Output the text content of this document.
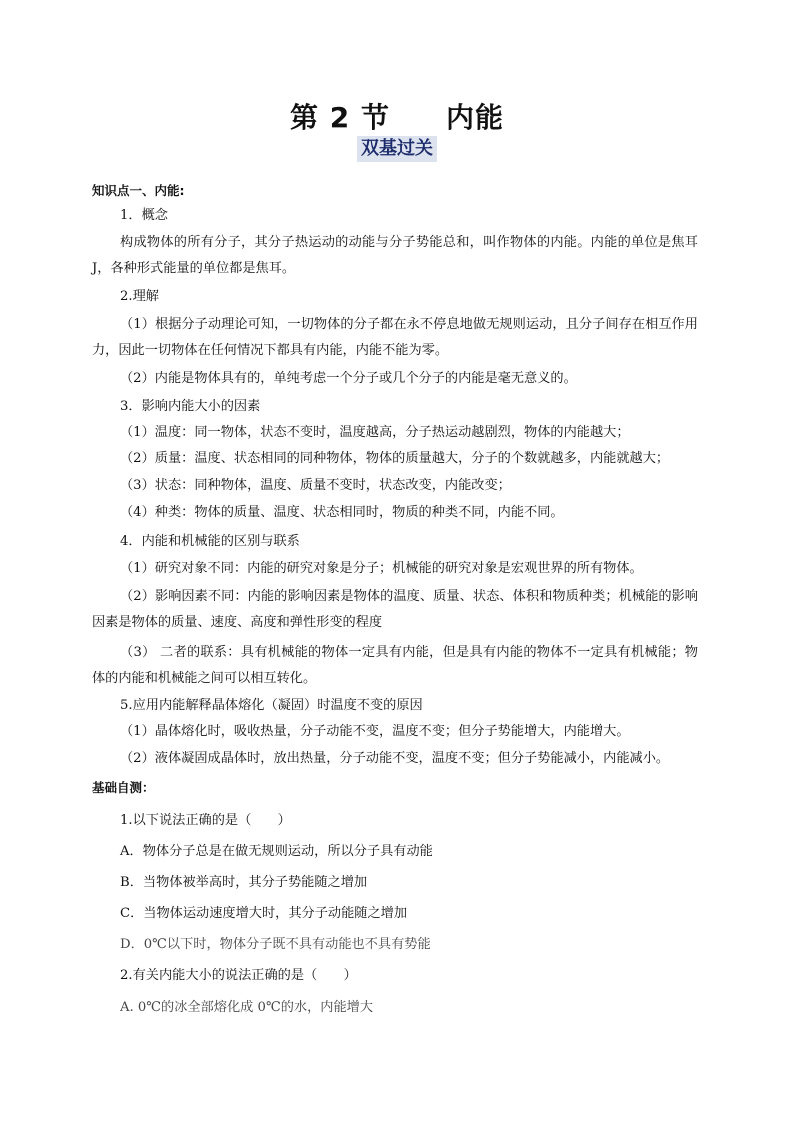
第 2 节 内能
双基过关
知识点一、内能:
1．概念
构成物体的所有分子，其分子热运动的动能与分子势能总和，叫作物体的内能。内能的单位是焦耳 J，各种形式能量的单位都是焦耳。
2.理解
（1）根据分子动理论可知，一切物体的分子都在永不停息地做无规则运动，且分子间存在相互作用力，因此一切物体在任何情况下都具有内能，内能不能为零。
（2）内能是物体具有的，单纯考虑一个分子或几个分子的内能是毫无意义的。
3．影响内能大小的因素
（1）温度：同一物体，状态不变时，温度越高，分子热运动越剧烈，物体的内能越大；
（2）质量：温度、状态相同的同种物体，物体的质量越大，分子的个数就越多，内能就越大；
（3）状态：同种物体，温度、质量不变时，状态改变，内能改变；
（4）种类：物体的质量、温度、状态相同时，物质的种类不同，内能不同。
4．内能和机械能的区别与联系
（1）研究对象不同：内能的研究对象是分子；机械能的研究对象是宏观世界的所有物体。
（2）影响因素不同：内能的影响因素是物体的温度、质量、状态、体积和物质种类；机械能的影响因素是物体的质量、速度、高度和弹性形变的程度
（3） 二者的联系：具有机械能的物体一定具有内能，但是具有内能的物体不一定具有机械能；物体的内能和机械能之间可以相互转化。
5.应用内能解释晶体熔化（凝固）时温度不变的原因
（1）晶体熔化时，吸收热量，分子动能不变，温度不变；但分子势能增大，内能增大。
（2）液体凝固成晶体时，放出热量，分子动能不变，温度不变；但分子势能减小，内能减小。
基础自测：
1.以下说法正确的是（　　）
A．物体分子总是在做无规则运动，所以分子具有动能
B．当物体被举高时，其分子势能随之增加
C．当物体运动速度增大时，其分子动能随之增加
D．0℃以下时，物体分子既不具有动能也不具有势能
2.有关内能大小的说法正确的是（　　）
A. 0℃的冰全部熔化成 0℃的水，内能增大
